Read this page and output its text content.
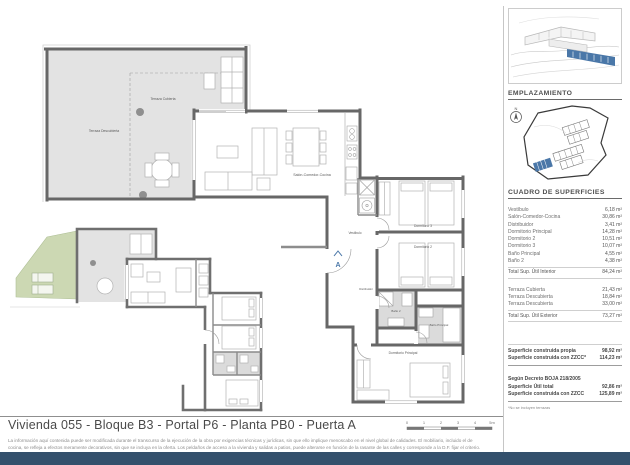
A
Terraza Cubierta
Terraza Descubierta
Salón-Comedor-Cocina
Vestíbulo
Distribuidor
Dormitorio 3
Dormitorio 2
Baño 2
Baño Principal
Dormitorio Principal
Vivienda 055 - Bloque B3 - Portal P6 - Planta PB0 - Puerta A	0	1	2	3	4	5m
La información aquí contenida puede ser modificada durante el transcurso de la ejecución de la obra por exigencias técnicas y jurídicas, sin que ello implique menoscabo en el nivel global de calidades. El mobiliario, incluido el de
cocina, se refleja a efectos meramente decorativos, sin que se incluya en la oferta. Los peldaños de acceso a la vivienda y salidas a patios, puede alterarse en función de la rasante de las calles y corresponde a la D.F. fijar el criterio.
EMPLAZAMIENTO
N
CUADRO DE SUPERFICIES
Vestíbulo	6,18 m²
Salón-Comedor-Cocina	30,86 m²
Distribuidor	3,41 m²
Dormitorio Principal	14,28 m²
Dormitorio 2	10,51 m²
Dormitorio 3	10,07 m²
Baño Principal	4,55 m²
Baño 2	4,38 m²
Total Sup. Útil Interior	84,24 m²
Terraza Cubierta	21,43 m²
Terraza Descubierta	18,84 m²
Terraza Descubierta	33,00 m²
Total Sup. Útil Exterior	73,27 m²
Superficie construida propia	98,92 m²
Superficie construida con ZZCC*	114,23 m²
Según Decreto BOJA 218/2005
Superficie Útil total	92,86 m²
Superficie construida con ZZCC	125,89 m²
*No se incluyen terrazas
